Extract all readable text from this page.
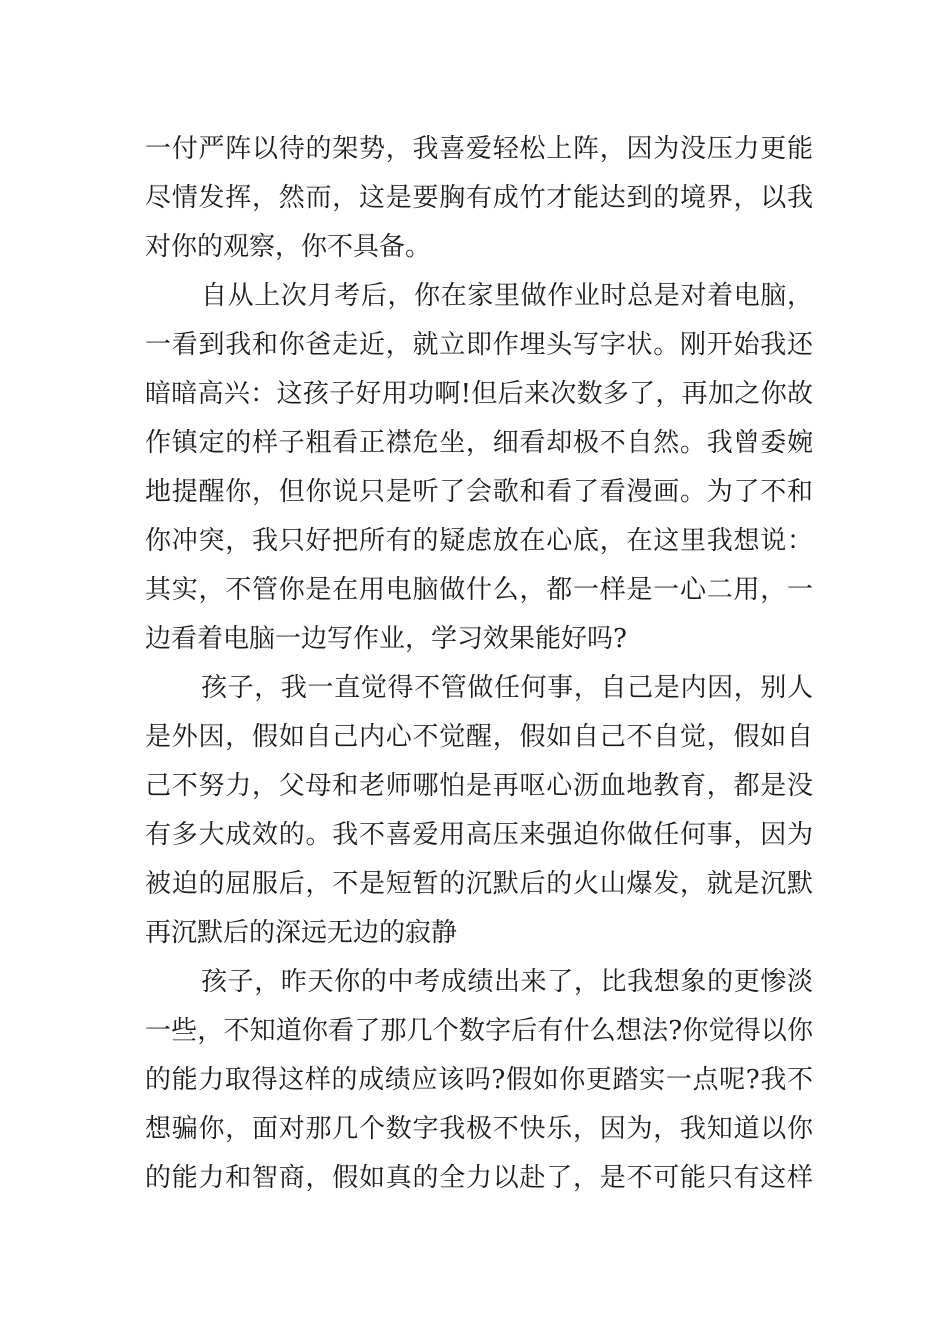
一付严阵以待的架势，我喜爱轻松上阵，因为没压力更能
尽情发挥，然而，这是要胸有成竹才能达到的境界，以我
对你的观察，你不具备。
自从上次月考后，你在家里做作业时总是对着电脑，
一看到我和你爸走近，就立即作埋头写字状。刚开始我还
暗暗高兴：这孩子好用功啊!但后来次数多了，再加之你故
作镇定的样子粗看正襟危坐，细看却极不自然。我曾委婉
地提醒你，但你说只是听了会歌和看了看漫画。为了不和
你冲突，我只好把所有的疑虑放在心底，在这里我想说：
其实，不管你是在用电脑做什么，都一样是一心二用，一
边看着电脑一边写作业，学习效果能好吗?
孩子，我一直觉得不管做任何事，自己是内因，别人
是外因，假如自己内心不觉醒，假如自己不自觉，假如自
己不努力，父母和老师哪怕是再呕心沥血地教育，都是没
有多大成效的。我不喜爱用高压来强迫你做任何事，因为
被迫的屈服后，不是短暂的沉默后的火山爆发，就是沉默
再沉默后的深远无边的寂静
孩子，昨天你的中考成绩出来了，比我想象的更惨淡
一些，不知道你看了那几个数字后有什么想法?你觉得以你
的能力取得这样的成绩应该吗?假如你更踏实一点呢?我不
想骗你，面对那几个数字我极不快乐，因为，我知道以你
的能力和智商，假如真的全力以赴了，是不可能只有这样
